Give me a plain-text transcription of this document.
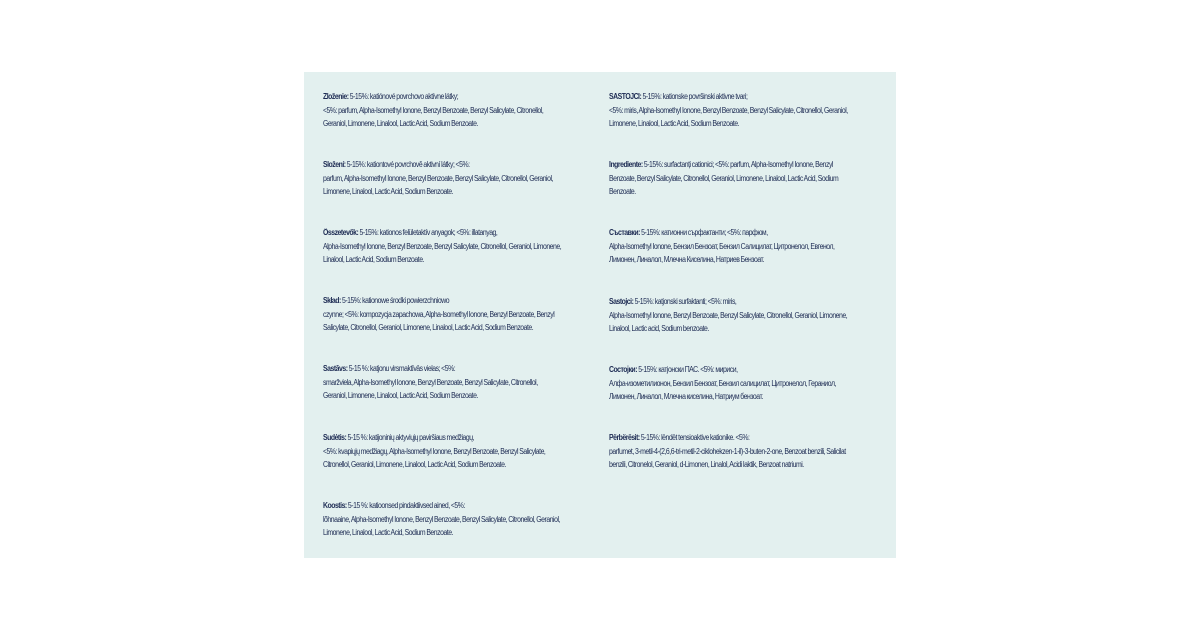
Zloženie: 5-15%: katiónové povrchovo aktívne látky;
<5%: parfum, Alpha-Isomethyl Ionone, Benzyl Benzoate, Benzyl Salicylate, Citronellol, Geraniol, Limonene, Linalool, Lactic Acid, Sodium Benzoate.
Složení: 5-15%: kationtové povrchově aktivní látky; <5%:
parfum, Alpha-Isomethyl Ionone, Benzyl Benzoate, Benzyl Salicylate, Citronellol, Geraniol, Limonene, Linalool, Lactic Acid, Sodium Benzoate.
Összetevők: 5-15%: kationos felületaktív anyagok; <5%: illatanyag,
Alpha-Isomethyl Ionone, Benzyl Benzoate, Benzyl Salicylate, Citronellol, Geraniol, Limonene, Linalool, Lactic Acid, Sodium Benzoate.
Skład: 5-15%: kationowe środki powierzchniowo
czynne; <5%: kompozycja zapachowa, Alpha-Isomethyl Ionone, Benzyl Benzoate, Benzyl Salicylate, Citronellol, Geraniol, Limonene, Linalool, Lactic Acid, Sodium Benzoate.
Sastāvs: 5-15 %: katjonu virsmaktīvās vielas; <5%:
smaržviela, Alpha-Isomethyl Ionone, Benzyl Benzoate, Benzyl Salicylate, Citronellol, Geraniol, Limonene, Linalool, Lactic Acid, Sodium Benzoate.
Sudėtis: 5-15 %: katijoninių aktyviųjų paviršiaus medžiagų,
<5%: kvapiųjų medžiagų, Alpha-Isomethyl Ionone, Benzyl Benzoate, Benzyl Salicylate, Citronellol, Geraniol, Limonene, Linalool, Lactic Acid, Sodium Benzoate.
Koostis: 5-15 %: katioonsed pindaktiivsed ained, <5%:
lõhnaaine, Alpha-Isomethyl Ionone, Benzyl Benzoate, Benzyl Salicylate, Citronellol, Geraniol, Limonene, Linalool, Lactic Acid, Sodium Benzoate.
SASTOJCI: 5-15%: kationske površinski aktivne tvari;
<5%: miris, Alpha-Isomethyl Ionone, Benzyl Benzoate, Benzyl Salicylate, Citronellol, Geraniol, Limonene, Linalool, Lactic Acid, Sodium Benzoate.
Ingrediente: 5-15%: surfactanți cationici; <5%: parfum, Alpha-Isomethyl Ionone, Benzyl Benzoate, Benzyl Salicylate, Citronellol, Geraniol, Limonene, Linalool, Lactic Acid, Sodium Benzoate.
Съставки: 5-15%: катионни сърфактанти; <5%: парфюм,
Alpha-Isomethyl Ionone, Бензил Бензоат, Бензил Салицилат, Цитронелол, Евгенол, Лимонен, Линалол, Млечна Киселина, Натриев Бензоат.
Sastojci: 5-15%: katjonski surfaktanti; <5%: miris,
Alpha-Isomethyl Ionone, Benzyl Benzoate, Benzyl Salicylate, Citronellol, Geraniol, Limonene, Linalool, Lactic acid, Sodium benzoate.
Состојки: 5-15%: катјонски ПАС. <5%: мириси,
Алфа-изометилионон, Бензил Бензоат, Бензил салицилат, Цитронелол, Гераниол, Лимонен, Линалол, Млечна киселина, Натриум бензоат.
Përbërësit: 5-15%: lëndët tensioaktive kationike. <5%:
parfumet, 3-metil-4-(2,6,6-tri-metil-2-ciklohekzen-1-il)-3-buten-2-one, Benzoat benzili, Salicilat benzili, Citronelol, Geraniol, d-Limonen, Linalol, Acidi laktik, Benzoat natriumi.
